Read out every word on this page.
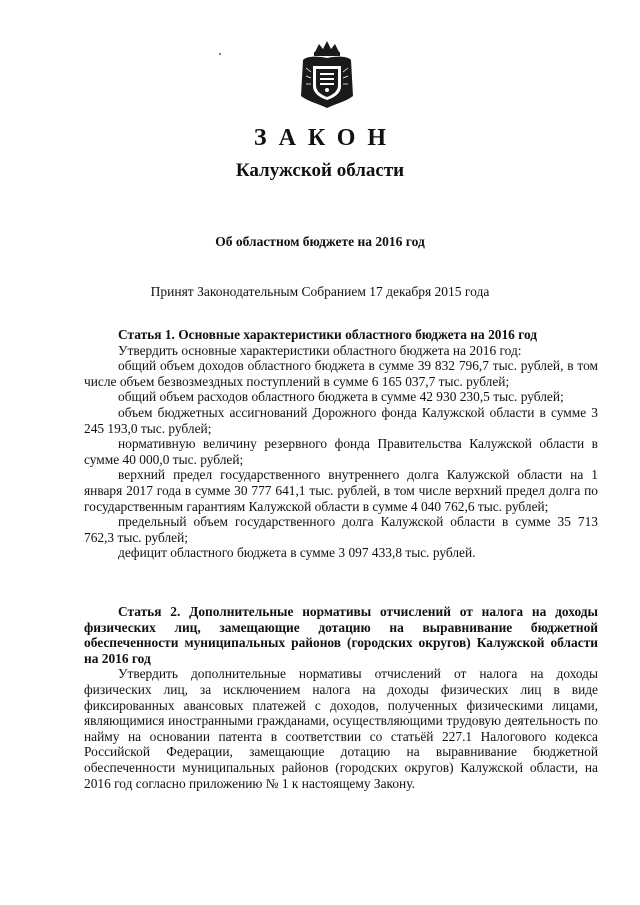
ЗАКОН
Калужской области
Об областном бюджете на 2016 год
Принят Законодательным Собранием 17 декабря 2015 года

Статья 1. Основные характеристики областного бюджета на 2016 год

Утвердить основные характеристики областного бюджета на 2016 год:

общий объем доходов областного бюджета в сумме 39 832 796,7 тыс. рублей, в том числе объем безвозмездных поступлений в сумме 6 165 037,7 тыс. рублей;

общий объем расходов областного бюджета в сумме 42 930 230,5 тыс. рублей;

объем бюджетных ассигнований Дорожного фонда Калужской области в сумме 3 245 193,0 тыс. рублей;

нормативную величину резервного фонда Правительства Калужской области в сумме 40 000,0 тыс. рублей;

верхний предел государственного внутреннего долга Калужской области на 1 января 2017 года в сумме 30 777 641,1 тыс. рублей, в том числе верхний предел долга по государственным гарантиям Калужской области в сумме 4 040 762,6 тыс. рублей;

предельный объем государственного долга Калужской области в сумме 35 713 762,3 тыс. рублей;

дефицит областного бюджета в сумме 3 097 433,8 тыс. рублей.

Статья 2. Дополнительные нормативы отчислений от налога на доходы физических лиц, замещающие дотацию на выравнивание бюджетной обеспеченности муниципальных районов (городских округов) Калужской области на 2016 год

Утвердить дополнительные нормативы отчислений от налога на доходы физических лиц, за исключением налога на доходы физических лиц в виде фиксированных авансовых платежей с доходов, полученных физическими лицами, являющимися иностранными гражданами, осуществляющими трудовую деятельность по найму на основании патента в соответствии со статьёй 227.1 Налогового кодекса Российской Федерации, замещающие дотацию на выравнивание бюджетной обеспеченности муниципальных районов (городских округов) Калужской области, на 2016 год согласно приложению № 1 к настоящему Закону.
